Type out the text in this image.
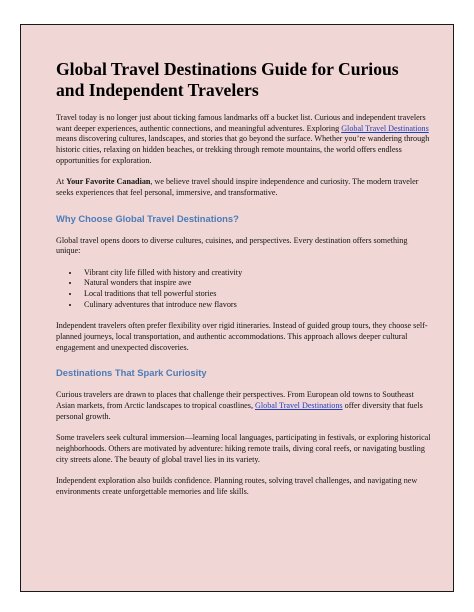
Global Travel Destinations Guide for Curious and Independent Travelers

Travel today is no longer just about ticking famous landmarks off a bucket list. Curious and independent travelers want deeper experiences, authentic connections, and meaningful adventures. Exploring Global Travel Destinations means discovering cultures, landscapes, and stories that go beyond the surface. Whether you’re wandering through historic cities, relaxing on hidden beaches, or trekking through remote mountains, the world offers endless opportunities for exploration.

At Your Favorite Canadian, we believe travel should inspire independence and curiosity. The modern traveler seeks experiences that feel personal, immersive, and transformative.

Why Choose Global Travel Destinations?

Global travel opens doors to diverse cultures, cuisines, and perspectives. Every destination offers something unique:

• Vibrant city life filled with history and creativity
• Natural wonders that inspire awe
• Local traditions that tell powerful stories
• Culinary adventures that introduce new flavors

Independent travelers often prefer flexibility over rigid itineraries. Instead of guided group tours, they choose self-planned journeys, local transportation, and authentic accommodations. This approach allows deeper cultural engagement and unexpected discoveries.

Destinations That Spark Curiosity

Curious travelers are drawn to places that challenge their perspectives. From European old towns to Southeast Asian markets, from Arctic landscapes to tropical coastlines, Global Travel Destinations offer diversity that fuels personal growth.

Some travelers seek cultural immersion—learning local languages, participating in festivals, or exploring historical neighborhoods. Others are motivated by adventure: hiking remote trails, diving coral reefs, or navigating bustling city streets alone. The beauty of global travel lies in its variety.

Independent exploration also builds confidence. Planning routes, solving travel challenges, and navigating new environments create unforgettable memories and life skills.
